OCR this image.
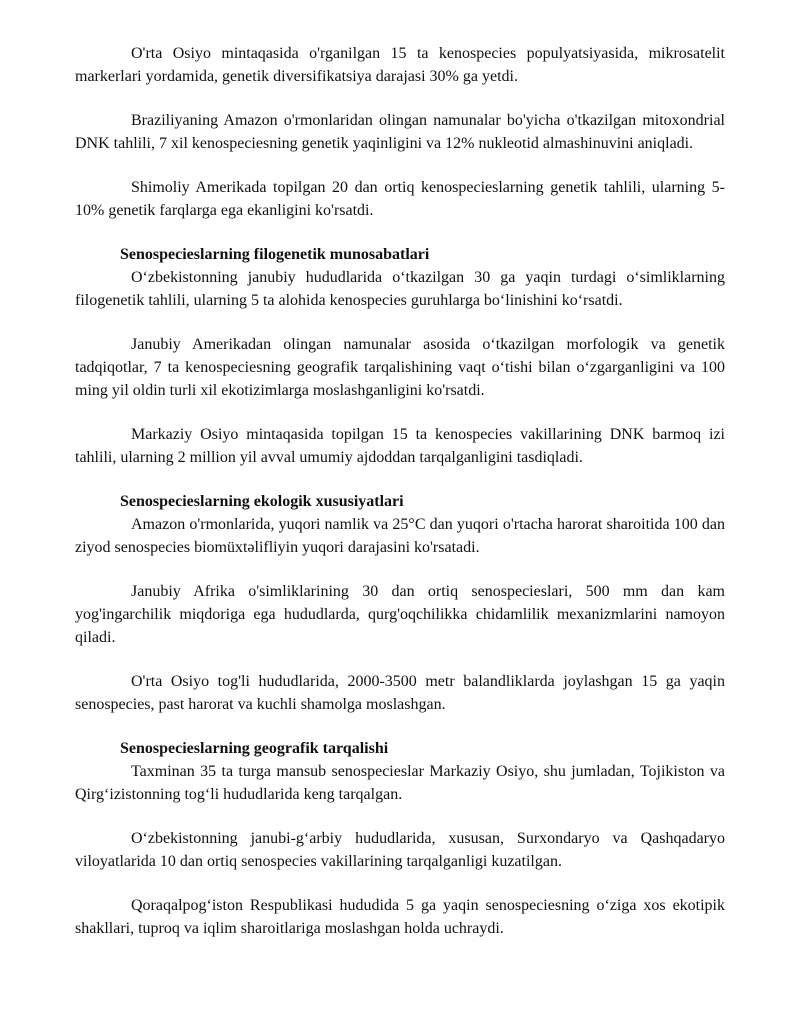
O'rta Osiyo mintaqasida o'rganilgan 15 ta kenospecies populyatsiyasida, mikrosatelit markerlari yordamida, genetik diversifikatsiya darajasi 30% ga yetdi.

Braziliyaning Amazon o'rmonlaridan olingan namunalar bo'yicha o'tkazilgan mitoxondrial DNK tahlili, 7 xil kenospeciesning genetik yaqinligini va 12% nukleotid almashinuvini aniqladi.

Shimoliy Amerikada topilgan 20 dan ortiq kenospecieslarning genetik tahlili, ularning 5-10% genetik farqlarga ega ekanligini ko'rsatdi.

Senospecieslarning filogenetik munosabatlari

O‘zbekistonning janubiy hududlarida o‘tkazilgan 30 ga yaqin turdagi o‘simliklarning filogenetik tahlili, ularning 5 ta alohida kenospecies guruhlarga bo‘linishini ko‘rsatdi.

Janubiy Amerikadan olingan namunalar asosida o‘tkazilgan morfologik va genetik tadqiqotlar, 7 ta kenospeciesning geografik tarqalishining vaqt o‘tishi bilan o‘zgarganligini va 100 ming yil oldin turli xil ekotizimlarga moslashganligini ko'rsatdi.

Markaziy Osiyo mintaqasida topilgan 15 ta kenospecies vakillarining DNK barmoq izi tahlili, ularning 2 million yil avval umumiy ajdoddan tarqalganligini tasdiqladi.

Senospecieslarning ekologik xususiyatlari

Amazon o'rmonlarida, yuqori namlik va 25°C dan yuqori o'rtacha harorat sharoitida 100 dan ziyod senospecies biomüxtəlifliyin yuqori darajasini ko'rsatadi.

Janubiy Afrika o'simliklarining 30 dan ortiq senospecieslari, 500 mm dan kam yog'ingarchilik miqdoriga ega hududlarda, qurg'oqchilikka chidamlilik mexanizmlarini namoyon qiladi.

O'rta Osiyo tog'li hududlarida, 2000-3500 metr balandliklarda joylashgan 15 ga yaqin senospecies, past harorat va kuchli shamolga moslashgan.

Senospecieslarning geografik tarqalishi

Taxminan 35 ta turga mansub senospecieslar Markaziy Osiyo, shu jumladan, Tojikiston va Qirg‘izistonning tog‘li hududlarida keng tarqalgan.

O‘zbekistonning janubi-g‘arbiy hududlarida, xususan, Surxondaryo va Qashqadaryo viloyatlarida 10 dan ortiq senospecies vakillarining tarqalganligi kuzatilgan.

Qoraqalpog‘iston Respublikasi hududida 5 ga yaqin senospeciesning o‘ziga xos ekotipik shakllari, tuproq va iqlim sharoitlariga moslashgan holda uchraydi.
